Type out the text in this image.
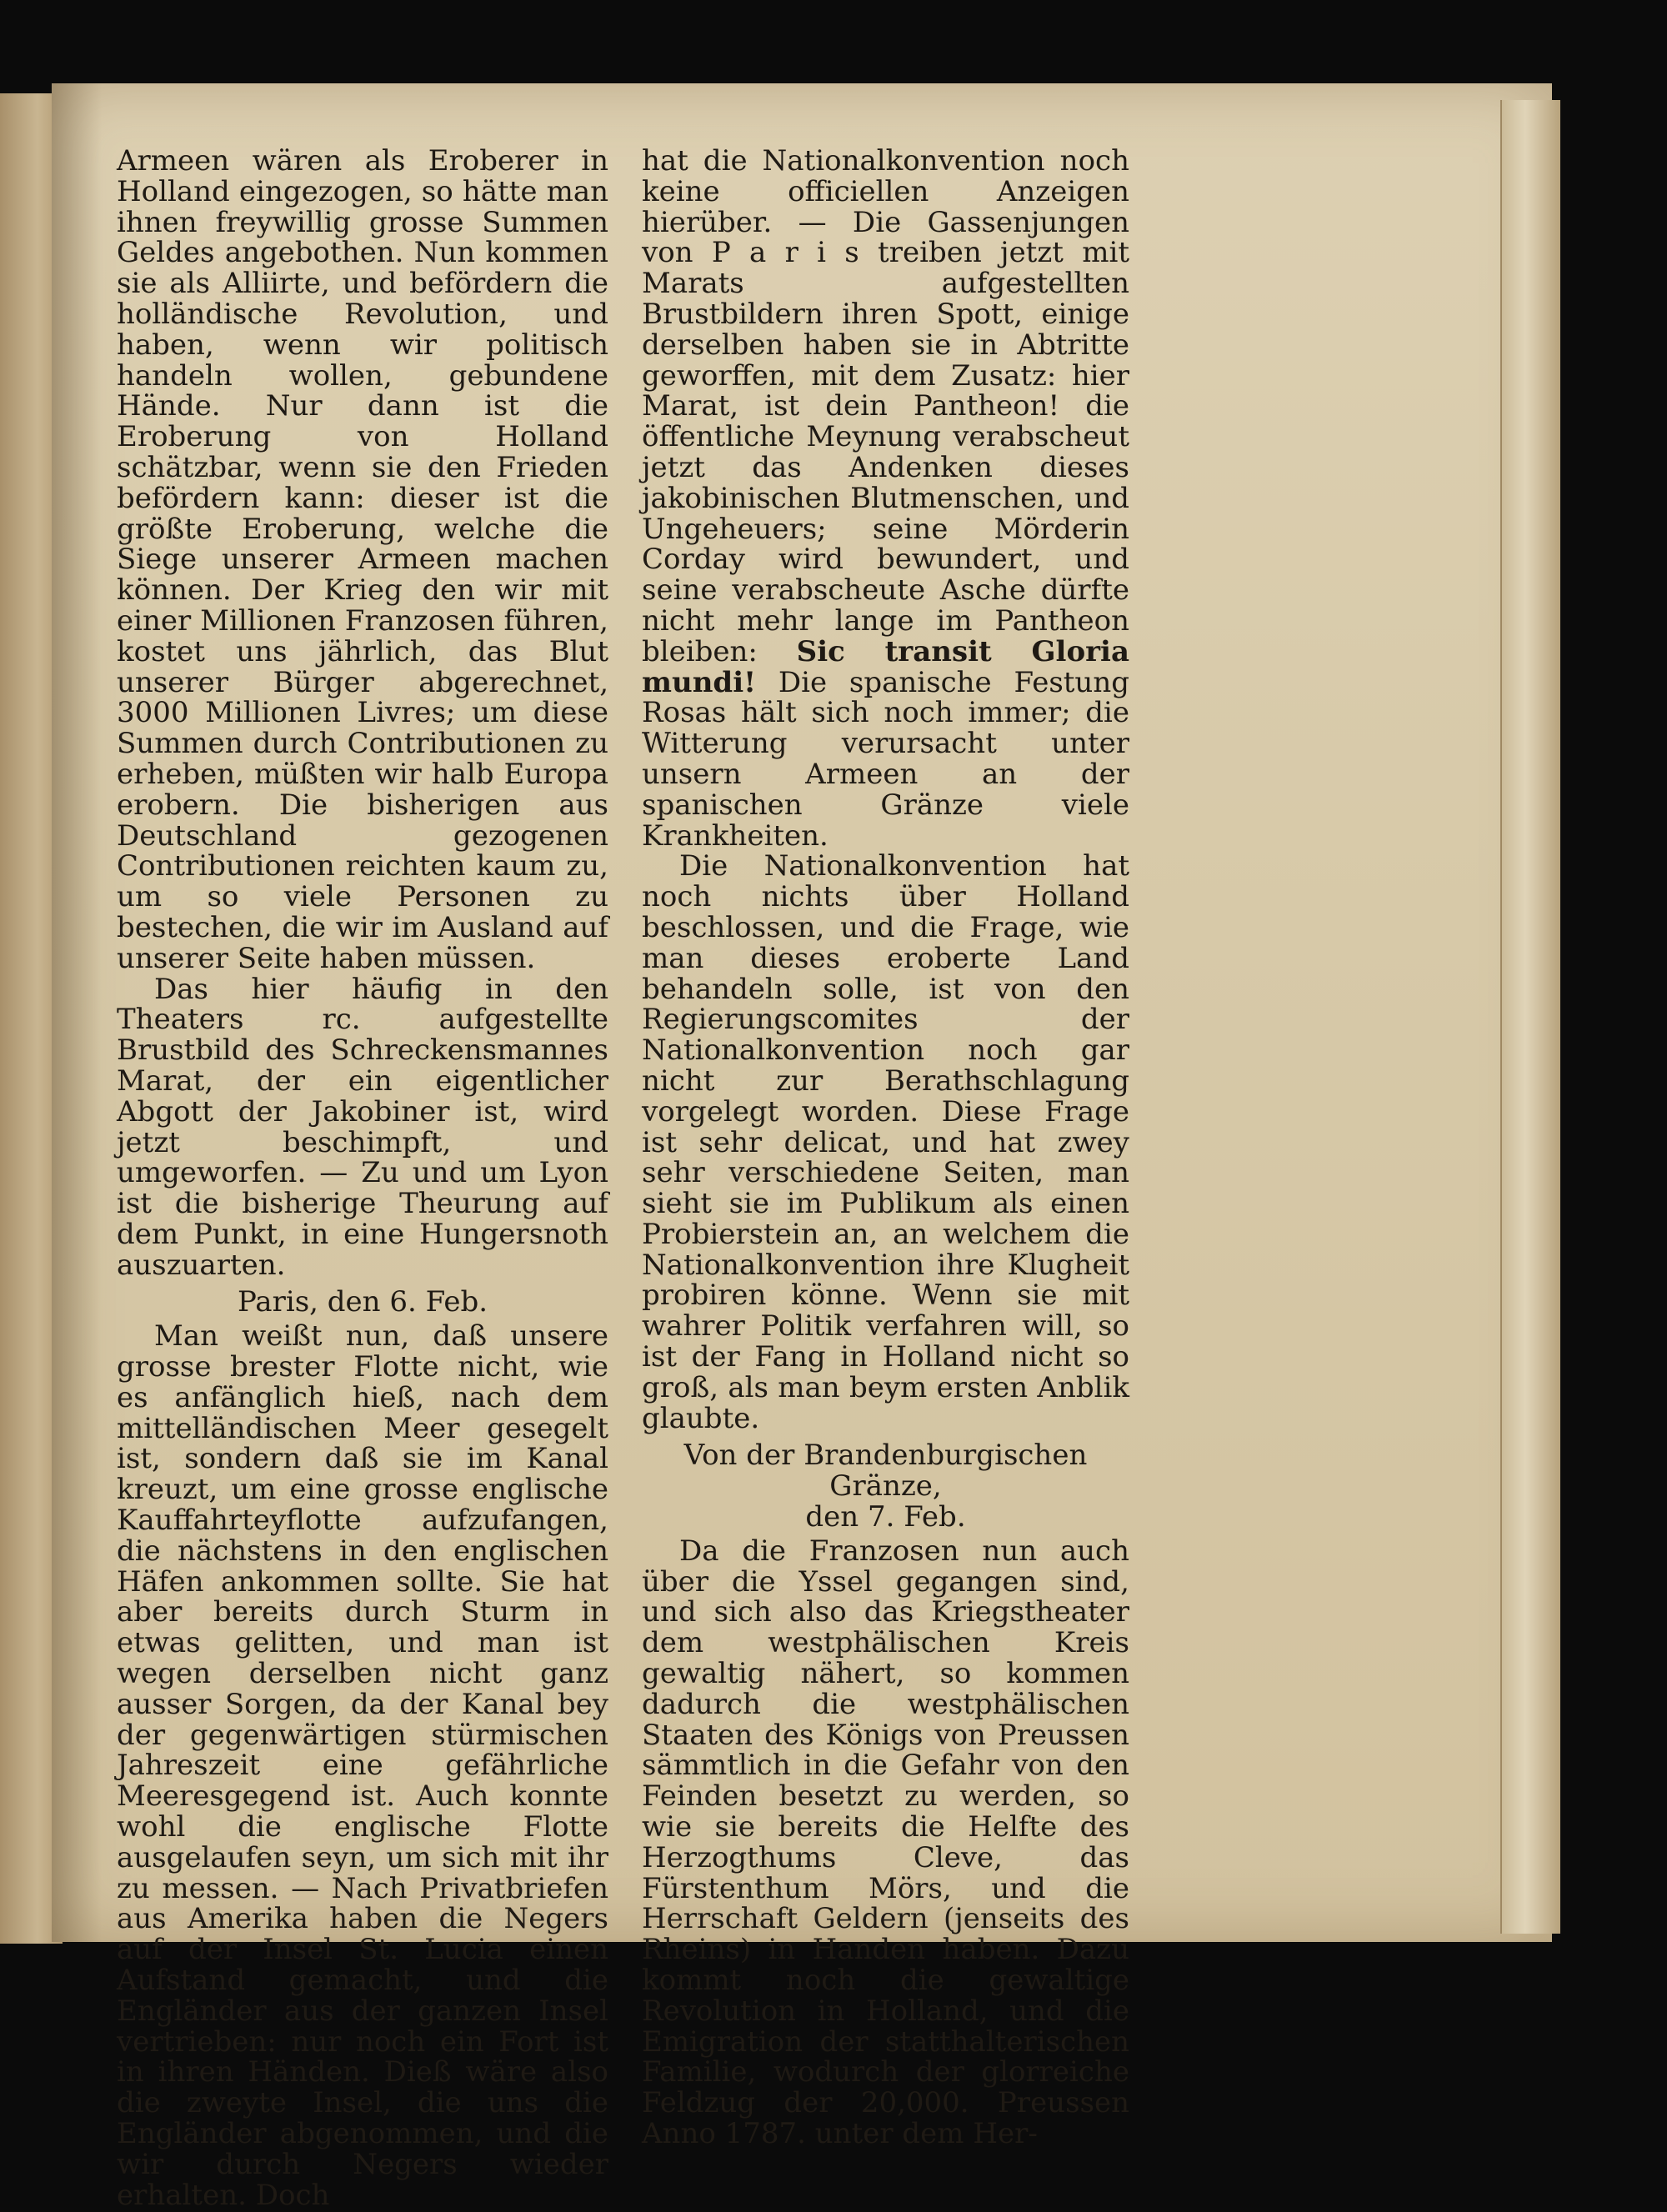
Armeen wären als Eroberer in Holland eingezogen, so hätte man ihnen freywillig grosse Summen Geldes angebothen. Nun kommen sie als Alliirte, und befördern die holländische Revolution, und haben, wenn wir politisch handeln wollen, gebundene Hände. Nur dann ist die Eroberung von Holland schätzbar, wenn sie den Frieden befördern kann: dieser ist die größte Eroberung, welche die Siege unserer Armeen machen können. Der Krieg den wir mit einer Millionen Franzosen führen, kostet uns jährlich, das Blut unserer Bürger abgerechnet, 3000 Millionen Livres; um diese Summen durch Contributionen zu erheben, müßten wir halb Europa erobern. Die bisherigen aus Deutschland gezogenen Contributionen reichten kaum zu, um so viele Personen zu bestechen, die wir im Ausland auf unserer Seite haben müssen.

Das hier häufig in den Theaters rc. aufgestellte Brustbild des Schreckensmannes Marat, der ein eigentlicher Abgott der Jakobiner ist, wird jetzt beschimpft, und umgeworfen. — Zu und um Lyon ist die bisherige Theurung auf dem Punkt, in eine Hungersnoth auszuarten.

Paris, den 6. Feb.

Man weißt nun, daß unsere grosse brester Flotte nicht, wie es anfänglich hieß, nach dem mittelländischen Meer gesegelt ist, sondern daß sie im Kanal kreuzt, um eine grosse englische Kauffahrteyflotte aufzufangen, die nächstens in den englischen Häfen ankommen sollte. Sie hat aber bereits durch Sturm in etwas gelitten, und man ist wegen derselben nicht ganz ausser Sorgen, da der Kanal bey der gegenwärtigen stürmischen Jahreszeit eine gefährliche Meeresgegend ist. Auch konnte wohl die englische Flotte ausgelaufen seyn, um sich mit ihr zu messen. — Nach Privatbriefen aus Amerika haben die Negers auf der Insel St. Lucia einen Aufstand gemacht, und die Engländer aus der ganzen Insel vertrieben: nur noch ein Fort ist in ihren Händen. Dieß wäre also die zweyte Insel, die uns die Engländer abgenommen, und die wir durch Negers wieder erhalten. Doch

hat die Nationalkonvention noch keine officiellen Anzeigen hierüber. — Die Gassenjungen von P a r i s treiben jetzt mit Marats aufgestellten Brustbildern ihren Spott, einige derselben haben sie in Abtritte geworffen, mit dem Zusatz: hier Marat, ist dein Pantheon! die öffentliche Meynung verabscheut jetzt das Andenken dieses jakobinischen Blutmenschen, und Ungeheuers; seine Mörderin Corday wird bewundert, und seine verabscheute Asche dürfte nicht mehr lange im Pantheon bleiben: Sic transit Gloria mundi! Die spanische Festung Rosas hält sich noch immer; die Witterung verursacht unter unsern Armeen an der spanischen Gränze viele Krankheiten.

Die Nationalkonvention hat noch nichts über Holland beschlossen, und die Frage, wie man dieses eroberte Land behandeln solle, ist von den Regierungscomites der Nationalkonvention noch gar nicht zur Berathschlagung vorgelegt worden. Diese Frage ist sehr delicat, und hat zwey sehr verschiedene Seiten, man sieht sie im Publikum als einen Probierstein an, an welchem die Nationalkonvention ihre Klugheit probiren könne. Wenn sie mit wahrer Politik verfahren will, so ist der Fang in Holland nicht so groß, als man beym ersten Anblik glaubte.

Von der Brandenburgischen Gränze,
den 7. Feb.

Da die Franzosen nun auch über die Yssel gegangen sind, und sich also das Kriegstheater dem westphälischen Kreis gewaltig nähert, so kommen dadurch die westphälischen Staaten des Königs von Preussen sämmtlich in die Gefahr von den Feinden besetzt zu werden, so wie sie bereits die Helfte des Herzogthums Cleve, das Fürstenthum Mörs, und die Herrschaft Geldern (jenseits des Rheins) in Handen haben. Dazu kommt noch die gewaltige Revolution in Holland, und die Emigration der statthalterischen Familie, wodurch der glorreiche Feldzug der 20,000. Preussen Anno 1787. unter dem Her-
